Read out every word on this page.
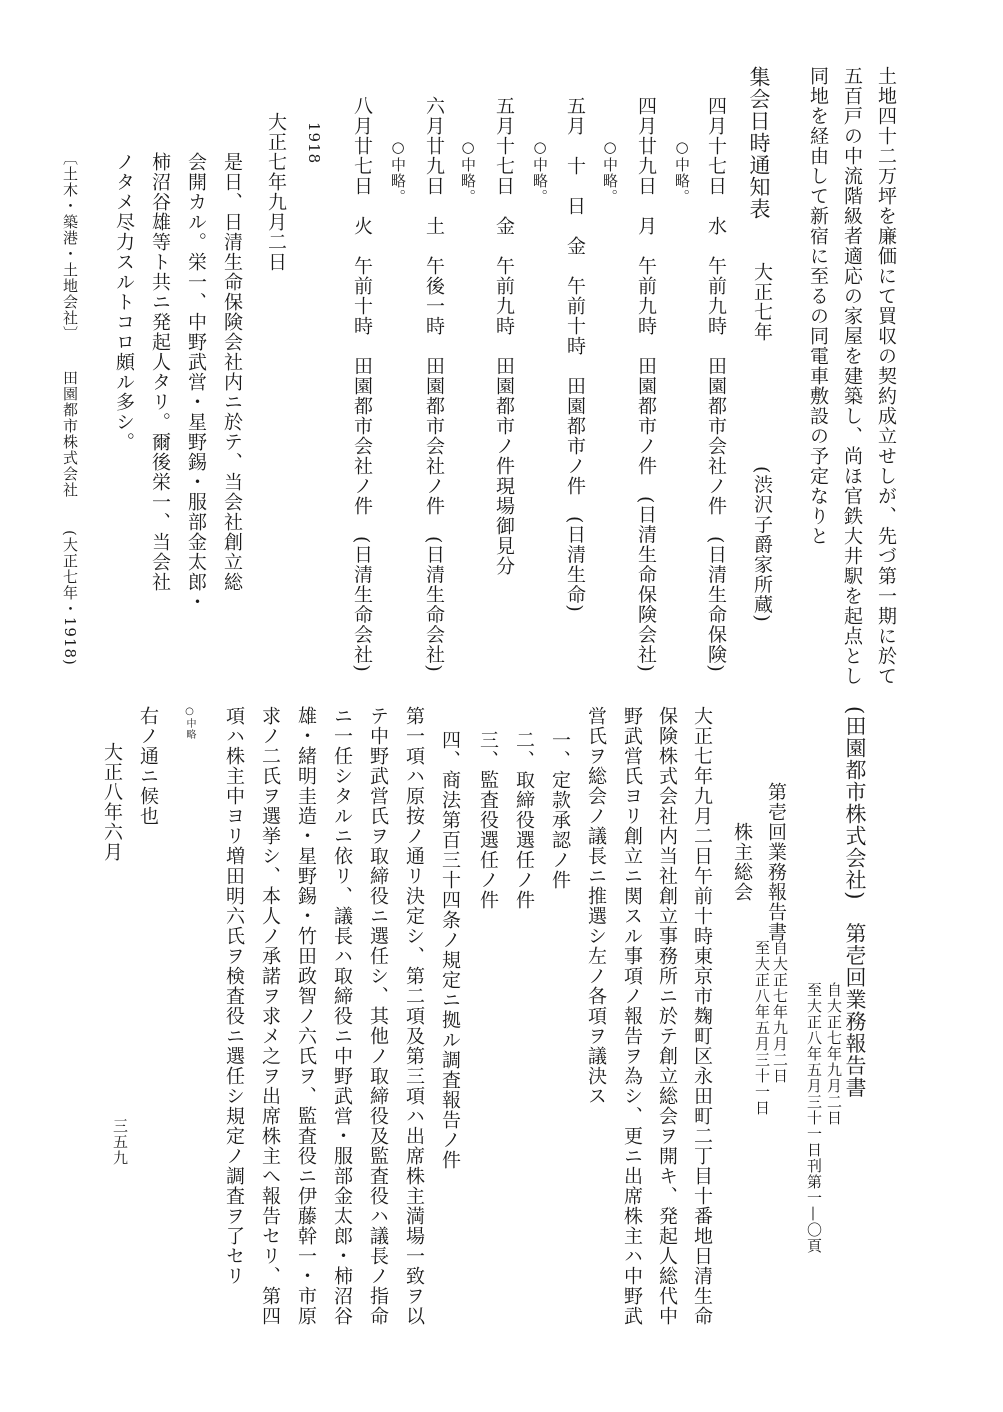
土地四十二万坪を廉価にて買収の契約成立せしが、先づ第一期に於て
五百戸の中流階級者適応の家屋を建築し、尚ほ官鉄大井駅を起点とし
同地を経由して新宿に至るの同電車敷設の予定なりと
集会日時通知表
大正七年
(渋沢子爵家所蔵)
四月十七日　水　午前九時　田園都市会社ノ件　(日清生命保険)
○中略。
四月廿九日　月　午前九時　田園都市ノ件　(日清生命保険会社)
○中略。
五月　十　日　金　午前十時　田園都市ノ件　(日清生命)
○中略。
五月十七日　金　午前九時　田園都市ノ件現場御見分
○中略。
六月廿九日　土　午後一時　田園都市会社ノ件　(日清生命会社)
○中略。
八月廿七日　火　午前十時　田園都市会社ノ件　(日清生命会社)
1918
大正七年九月二日
是日、日清生命保険会社内ニ於テ、当会社創立総
会開カル。栄一、中野武営・星野錫・服部金太郎・
柿沼谷雄等ト共ニ発起人タリ。爾後栄一、当会社
ノタメ尽力スルトコロ頗ル多シ。
〔土木・築港・土地会社〕
田園都市株式会社
(大正七年・1918)
(田園都市株式会社)　第壱回業務報告書
自大正七年九月二日
至大正八年五月三十一日
刊第一—〇頁
第壱回業務報告書
自大正七年九月二日
至大正八年五月三十一日
株主総会
大正七年九月二日午前十時東京市麹町区永田町二丁目十番地日清生命
保険株式会社内当社創立事務所ニ於テ創立総会ヲ開キ、発起人総代中
野武営氏ヨリ創立ニ関スル事項ノ報告ヲ為シ、更ニ出席株主ハ中野武
営氏ヲ総会ノ議長ニ推選シ左ノ各項ヲ議決ス
一、定款承認ノ件
二、取締役選任ノ件
三、監査役選任ノ件
四、商法第百三十四条ノ規定ニ拠ル調査報告ノ件
第一項ハ原按ノ通リ決定シ、第二項及第三項ハ出席株主満場一致ヲ以
テ中野武営氏ヲ取締役ニ選任シ、其他ノ取締役及監査役ハ議長ノ指命
ニ一任シタルニ依リ、議長ハ取締役ニ中野武営・服部金太郎・柿沼谷
雄・緒明圭造・星野錫・竹田政智ノ六氏ヲ、監査役ニ伊藤幹一・市原
求ノ二氏ヲ選挙シ、本人ノ承諾ヲ求メ之ヲ出席株主へ報告セリ、第四
項ハ株主中ヨリ増田明六氏ヲ検査役ニ選任シ規定ノ調査ヲ了セリ
○中略
右ノ通ニ候也
大正八年六月
三五九
